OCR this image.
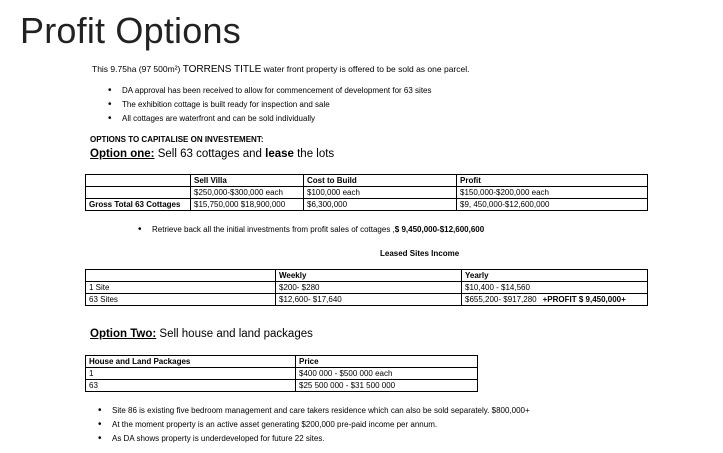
Profit Options
This 9.75ha (97 500m²) TORRENS TITLE water front property is offered to be sold as one parcel.
• DA approval has been received to allow for commencement of development for 63 sites
• The exhibition cottage is built ready for inspection and sale
• All cottages are waterfront and can be sold individually
OPTIONS TO CAPITALISE ON INVESTEMENT:
Option one: Sell 63 cottages and lease the lots
	Sell Villa	Cost to Build	Profit
	$250,000-$300,000 each	$100,000 each	$150,000-$200,000 each
Gross Total 63 Cottages	$15,750,000 $18,900,000	$6,300,000	$9, 450,000-$12,600,000
• Retrieve back all the initial investments from profit sales of cottages ,$ 9,450,000-$12,600,600
Leased Sites Income
	Weekly	Yearly
1 Site	$200- $280	$10,400 - $14,560
63 Sites	$12,600- $17,640	$655,200- $917,280 +PROFIT $ 9,450,000+
Option Two: Sell house and land packages
House and Land Packages	Price
1	$400 000 - $500 000 each
63	$25 500 000 - $31 500 000
• Site 86 is existing five bedroom management and care takers residence which can also be sold separately. $800,000+
• At the moment property is an active asset generating $200,000 pre-paid income per annum.
• As DA shows property is underdeveloped for future 22 sites.
